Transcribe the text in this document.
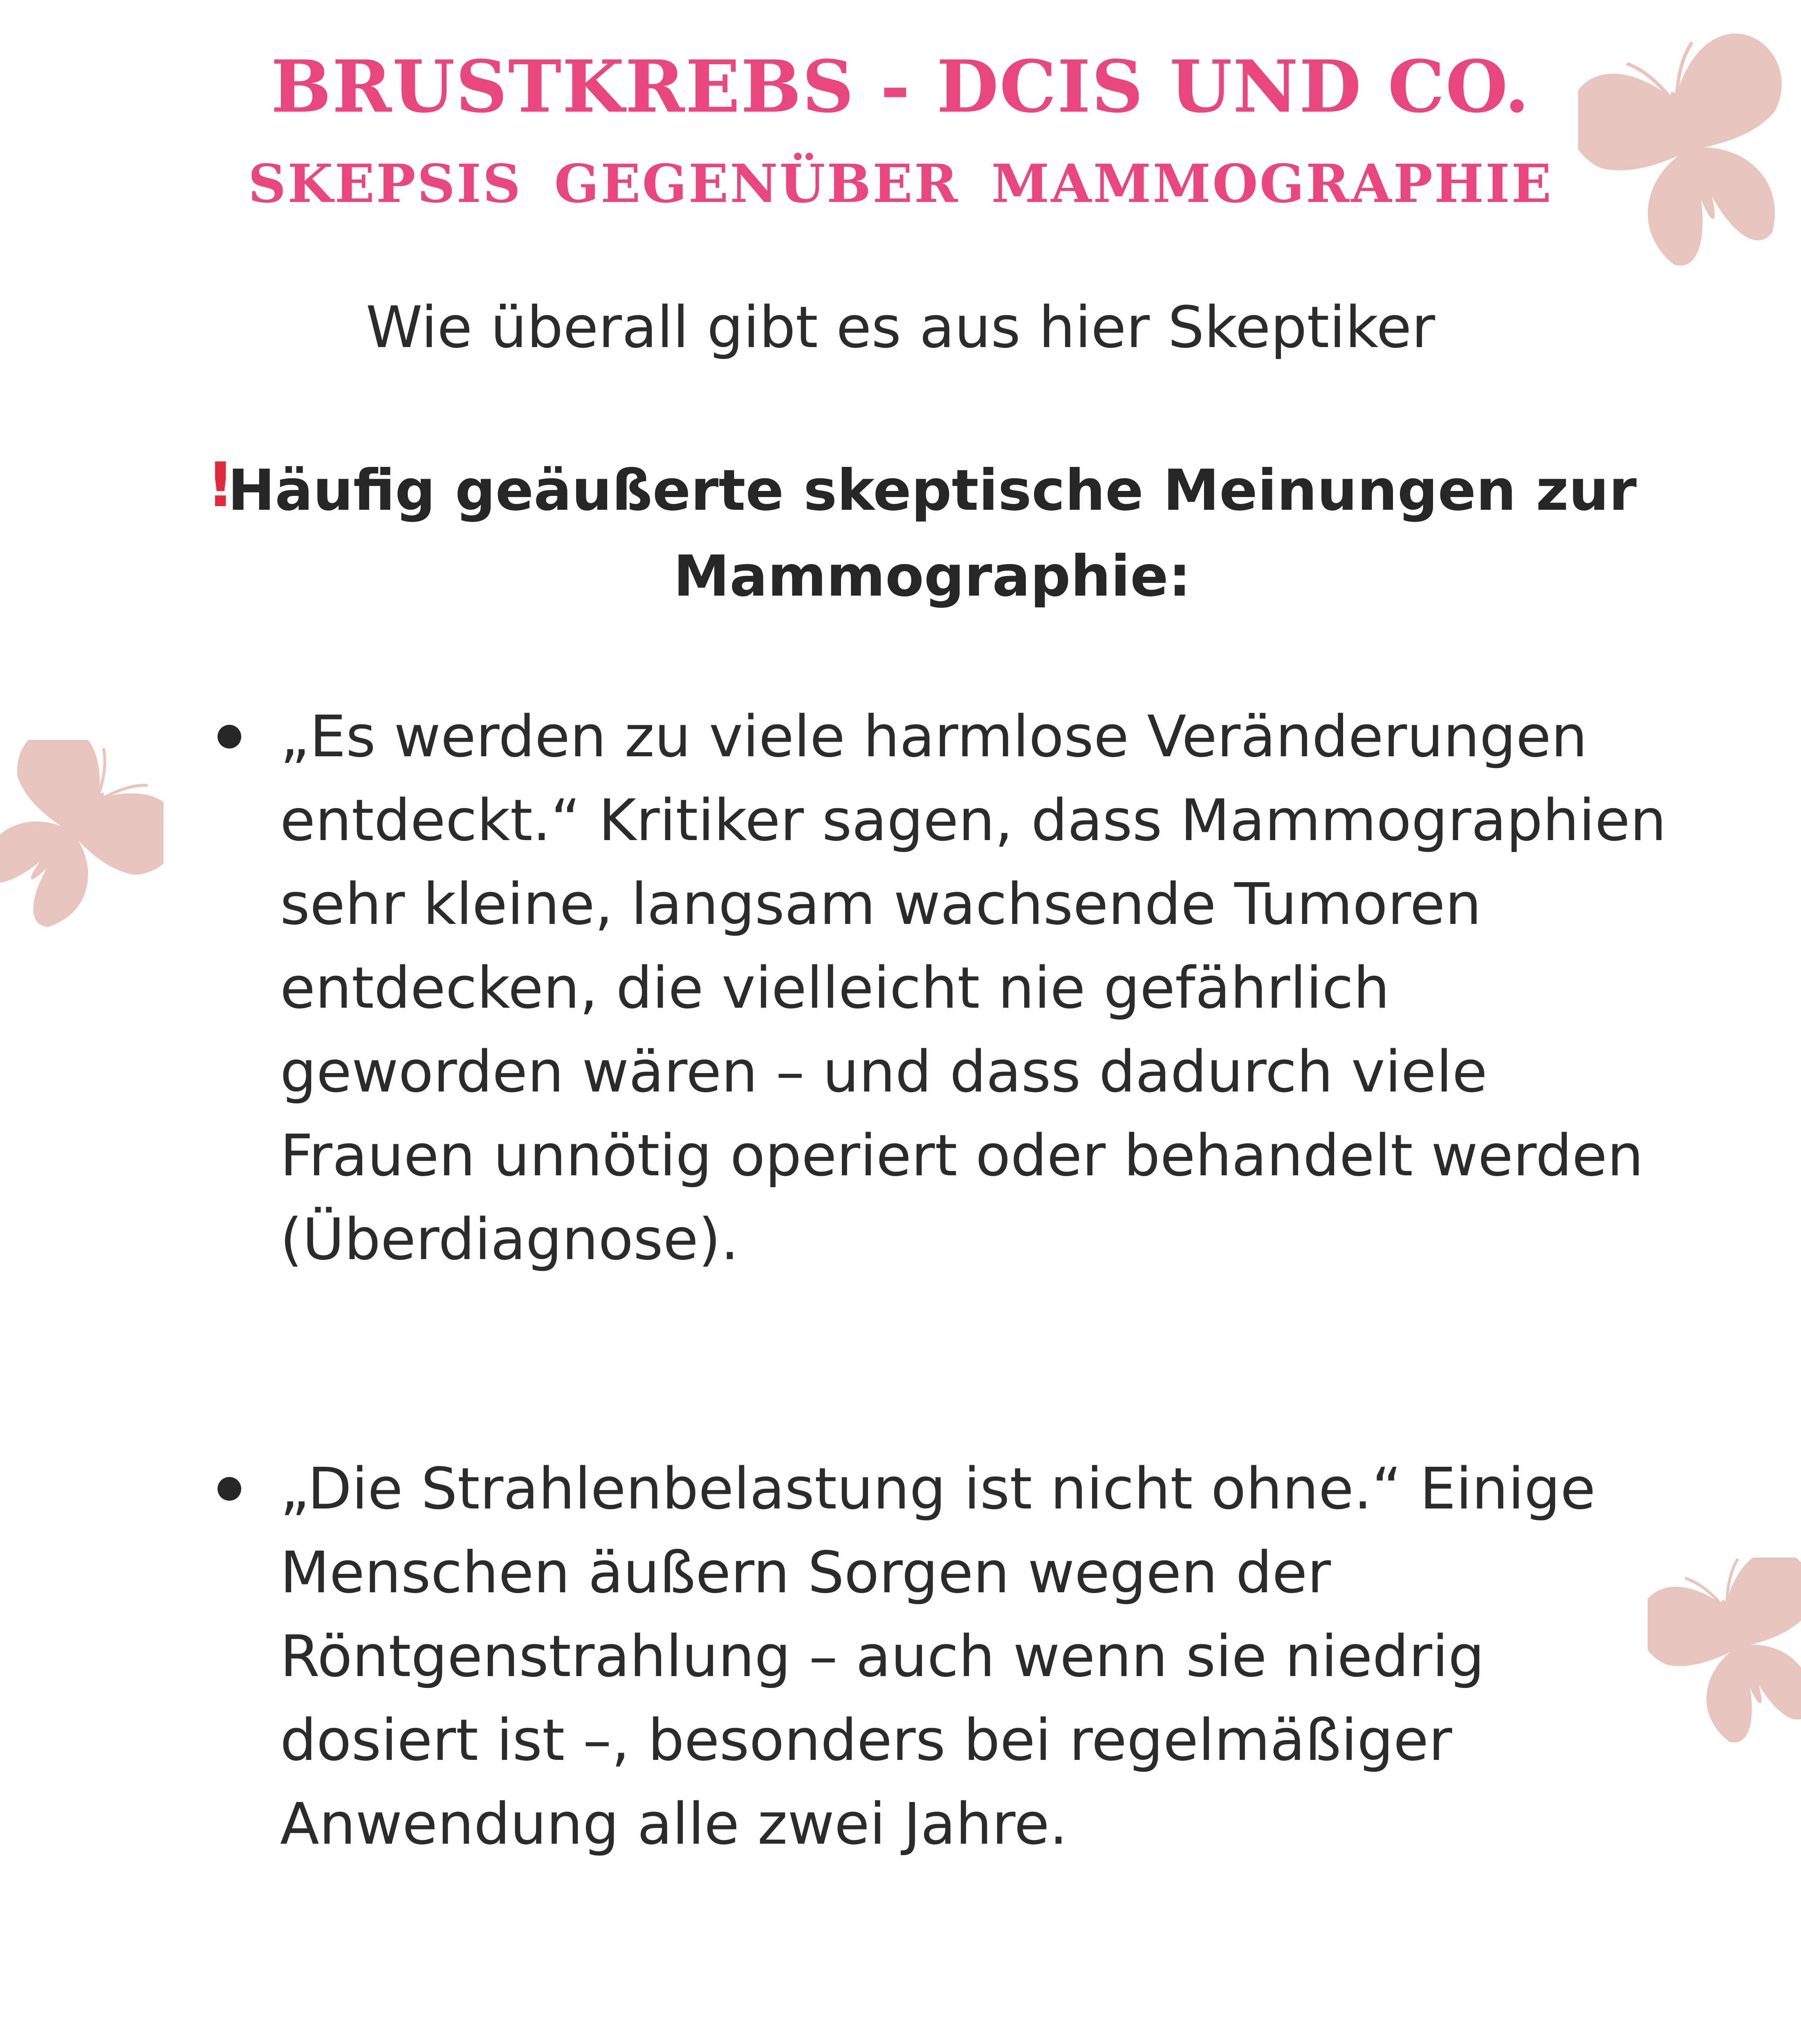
BRUSTKREBS - DCIS UND CO.
SKEPSIS GEGENÜBER MAMMOGRAPHIE
Wie überall gibt es aus hier Skeptiker
!
Häufig geäußerte skeptische Meinungen zur Mammographie:
„Es werden zu viele harmlose Veränderungen entdeckt.“ Kritiker sagen, dass Mammographien sehr kleine, langsam wachsende Tumoren entdecken, die vielleicht nie gefährlich geworden wären – und dass dadurch viele Frauen unnötig operiert oder behandelt werden (Überdiagnose).
„Die Strahlenbelastung ist nicht ohne.“ Einige Menschen äußern Sorgen wegen der Röntgenstrahlung – auch wenn sie niedrig dosiert ist –, besonders bei regelmäßiger Anwendung alle zwei Jahre.
